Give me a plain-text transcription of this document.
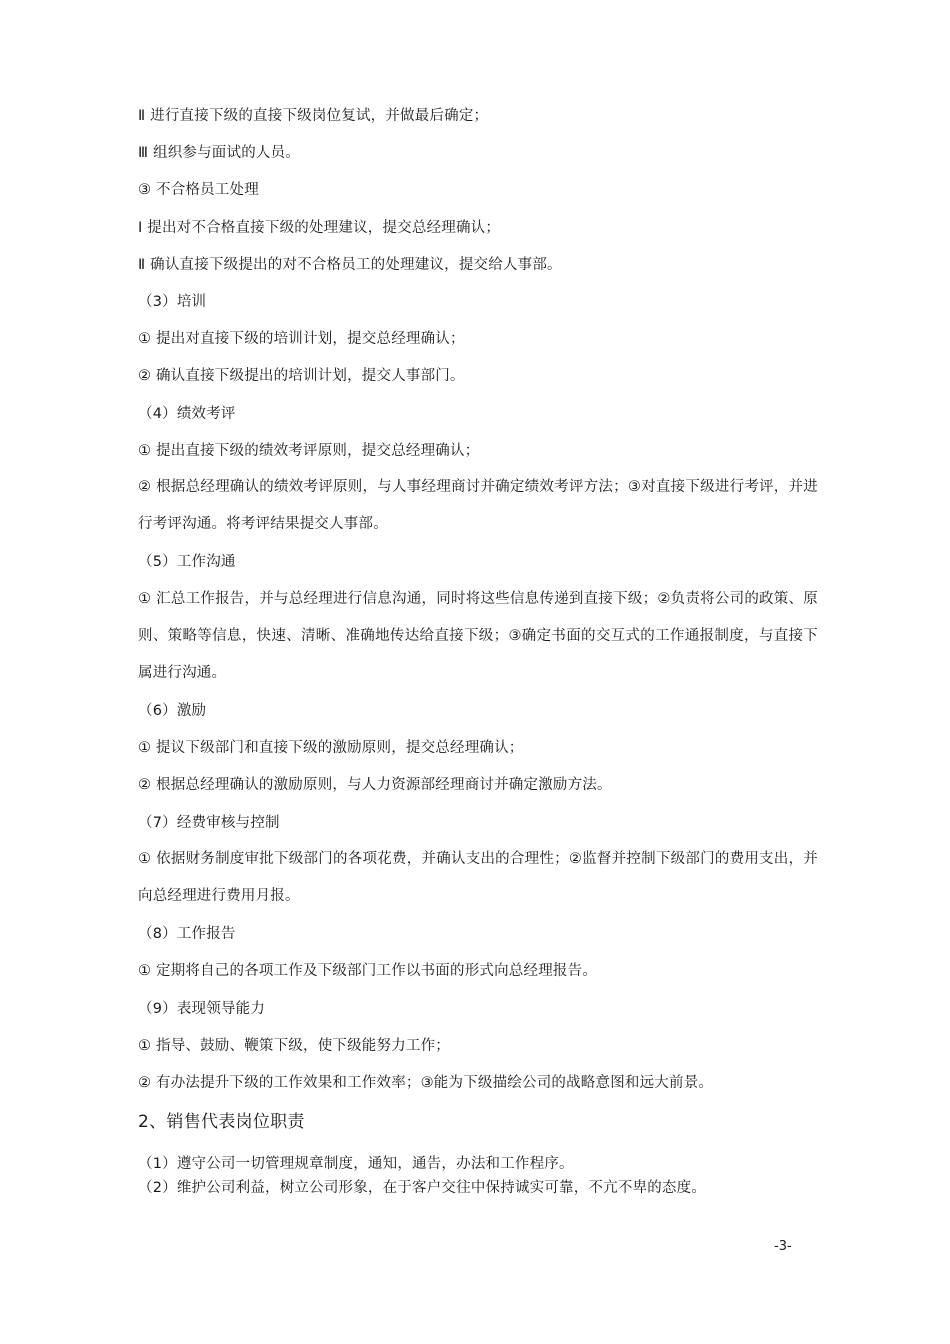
Ⅱ 进行直接下级的直接下级岗位复试，并做最后确定；
Ⅲ 组织参与面试的人员。
③ 不合格员工处理
Ⅰ 提出对不合格直接下级的处理建议，提交总经理确认；
Ⅱ 确认直接下级提出的对不合格员工的处理建议，提交给人事部。
（3）培训
① 提出对直接下级的培训计划，提交总经理确认；
② 确认直接下级提出的培训计划，提交人事部门。
（4）绩效考评
① 提出直接下级的绩效考评原则，提交总经理确认；
② 根据总经理确认的绩效考评原则，与人事经理商讨并确定绩效考评方法；③对直接下级进行考评，并进行考评沟通。将考评结果提交人事部。
（5）工作沟通
① 汇总工作报告，并与总经理进行信息沟通，同时将这些信息传递到直接下级；②负责将公司的政策、原则、策略等信息，快速、清晰、准确地传达给直接下级；③确定书面的交互式的工作通报制度，与直接下属进行沟通。
（6）激励
① 提议下级部门和直接下级的激励原则，提交总经理确认；
② 根据总经理确认的激励原则，与人力资源部经理商讨并确定激励方法。
（7）经费审核与控制
① 依据财务制度审批下级部门的各项花费，并确认支出的合理性；②监督并控制下级部门的费用支出，并向总经理进行费用月报。
（8）工作报告
① 定期将自己的各项工作及下级部门工作以书面的形式向总经理报告。
（9）表现领导能力
① 指导、鼓励、鞭策下级，使下级能努力工作；
② 有办法提升下级的工作效果和工作效率；③能为下级描绘公司的战略意图和远大前景。
2、销售代表岗位职责
（1）遵守公司一切管理规章制度，通知，通告，办法和工作程序。
（2）维护公司利益，树立公司形象，在于客户交往中保持诚实可靠，不亢不卑的态度。
-3-
